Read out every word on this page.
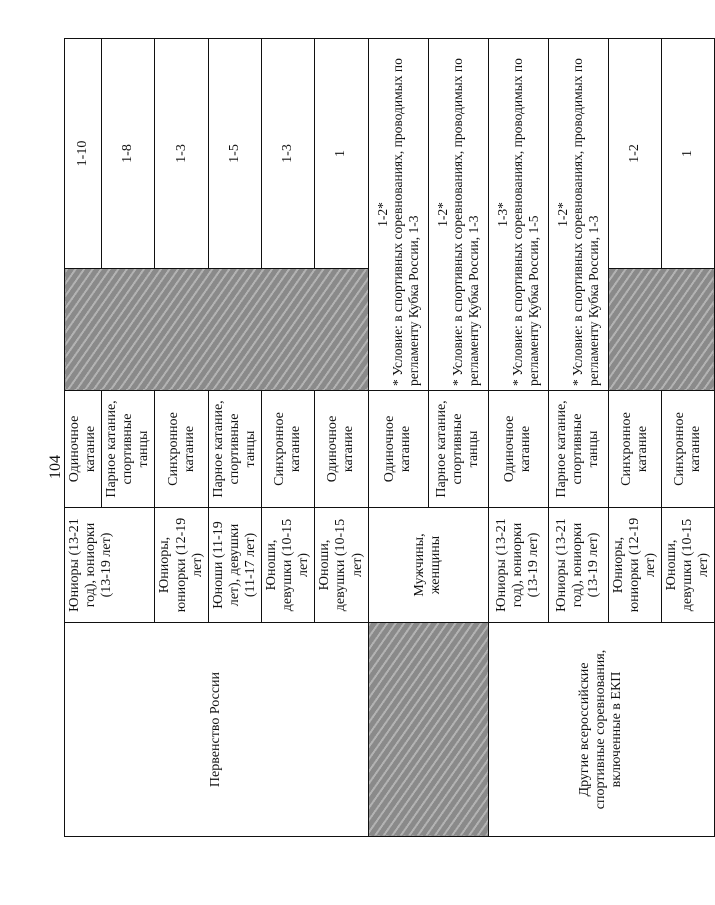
104
Первенство России	Юниоры (13-21 год), юниорки (13-19 лет)	Одиночное катание		1-10
		Парное катание, спортивные танцы		1-8
	Юниоры, юниорки (12-19 лет)	Синхронное катание		1-3
	Юноши (11-19 лет), девушки (11-17 лет)	Парное катание, спортивные танцы		1-5
	Юноши, девушки (10-15 лет)	Синхронное катание		1-3
	Юноши, девушки (10-15 лет)	Одиночное катание		1
	Мужчины, женщины	Одиночное катание	1-2* * Условие: в спортивных соревнованиях, проводимых по регламенту Кубка России, 1-3	
		Парное катание, спортивные танцы	1-2* * Условие: в спортивных соревнованиях, проводимых по регламенту Кубка России, 1-3	
Другие всероссийские спортивные соревнования, включенные в ЕКП	Юниоры (13-21 год), юниорки (13-19 лет)	Одиночное катание	1-3* * Условие: в спортивных соревнованиях, проводимых по регламенту Кубка России, 1-5	
	Юниоры (13-21 год), юниорки (13-19 лет)	Парное катание, спортивные танцы	1-2* * Условие: в спортивных соревнованиях, проводимых по регламенту Кубка России, 1-3	
	Юниоры, юниорки (12-19 лет)	Синхронное катание		1-2
	Юноши, девушки (10-15 лет)	Синхронное катание		1
